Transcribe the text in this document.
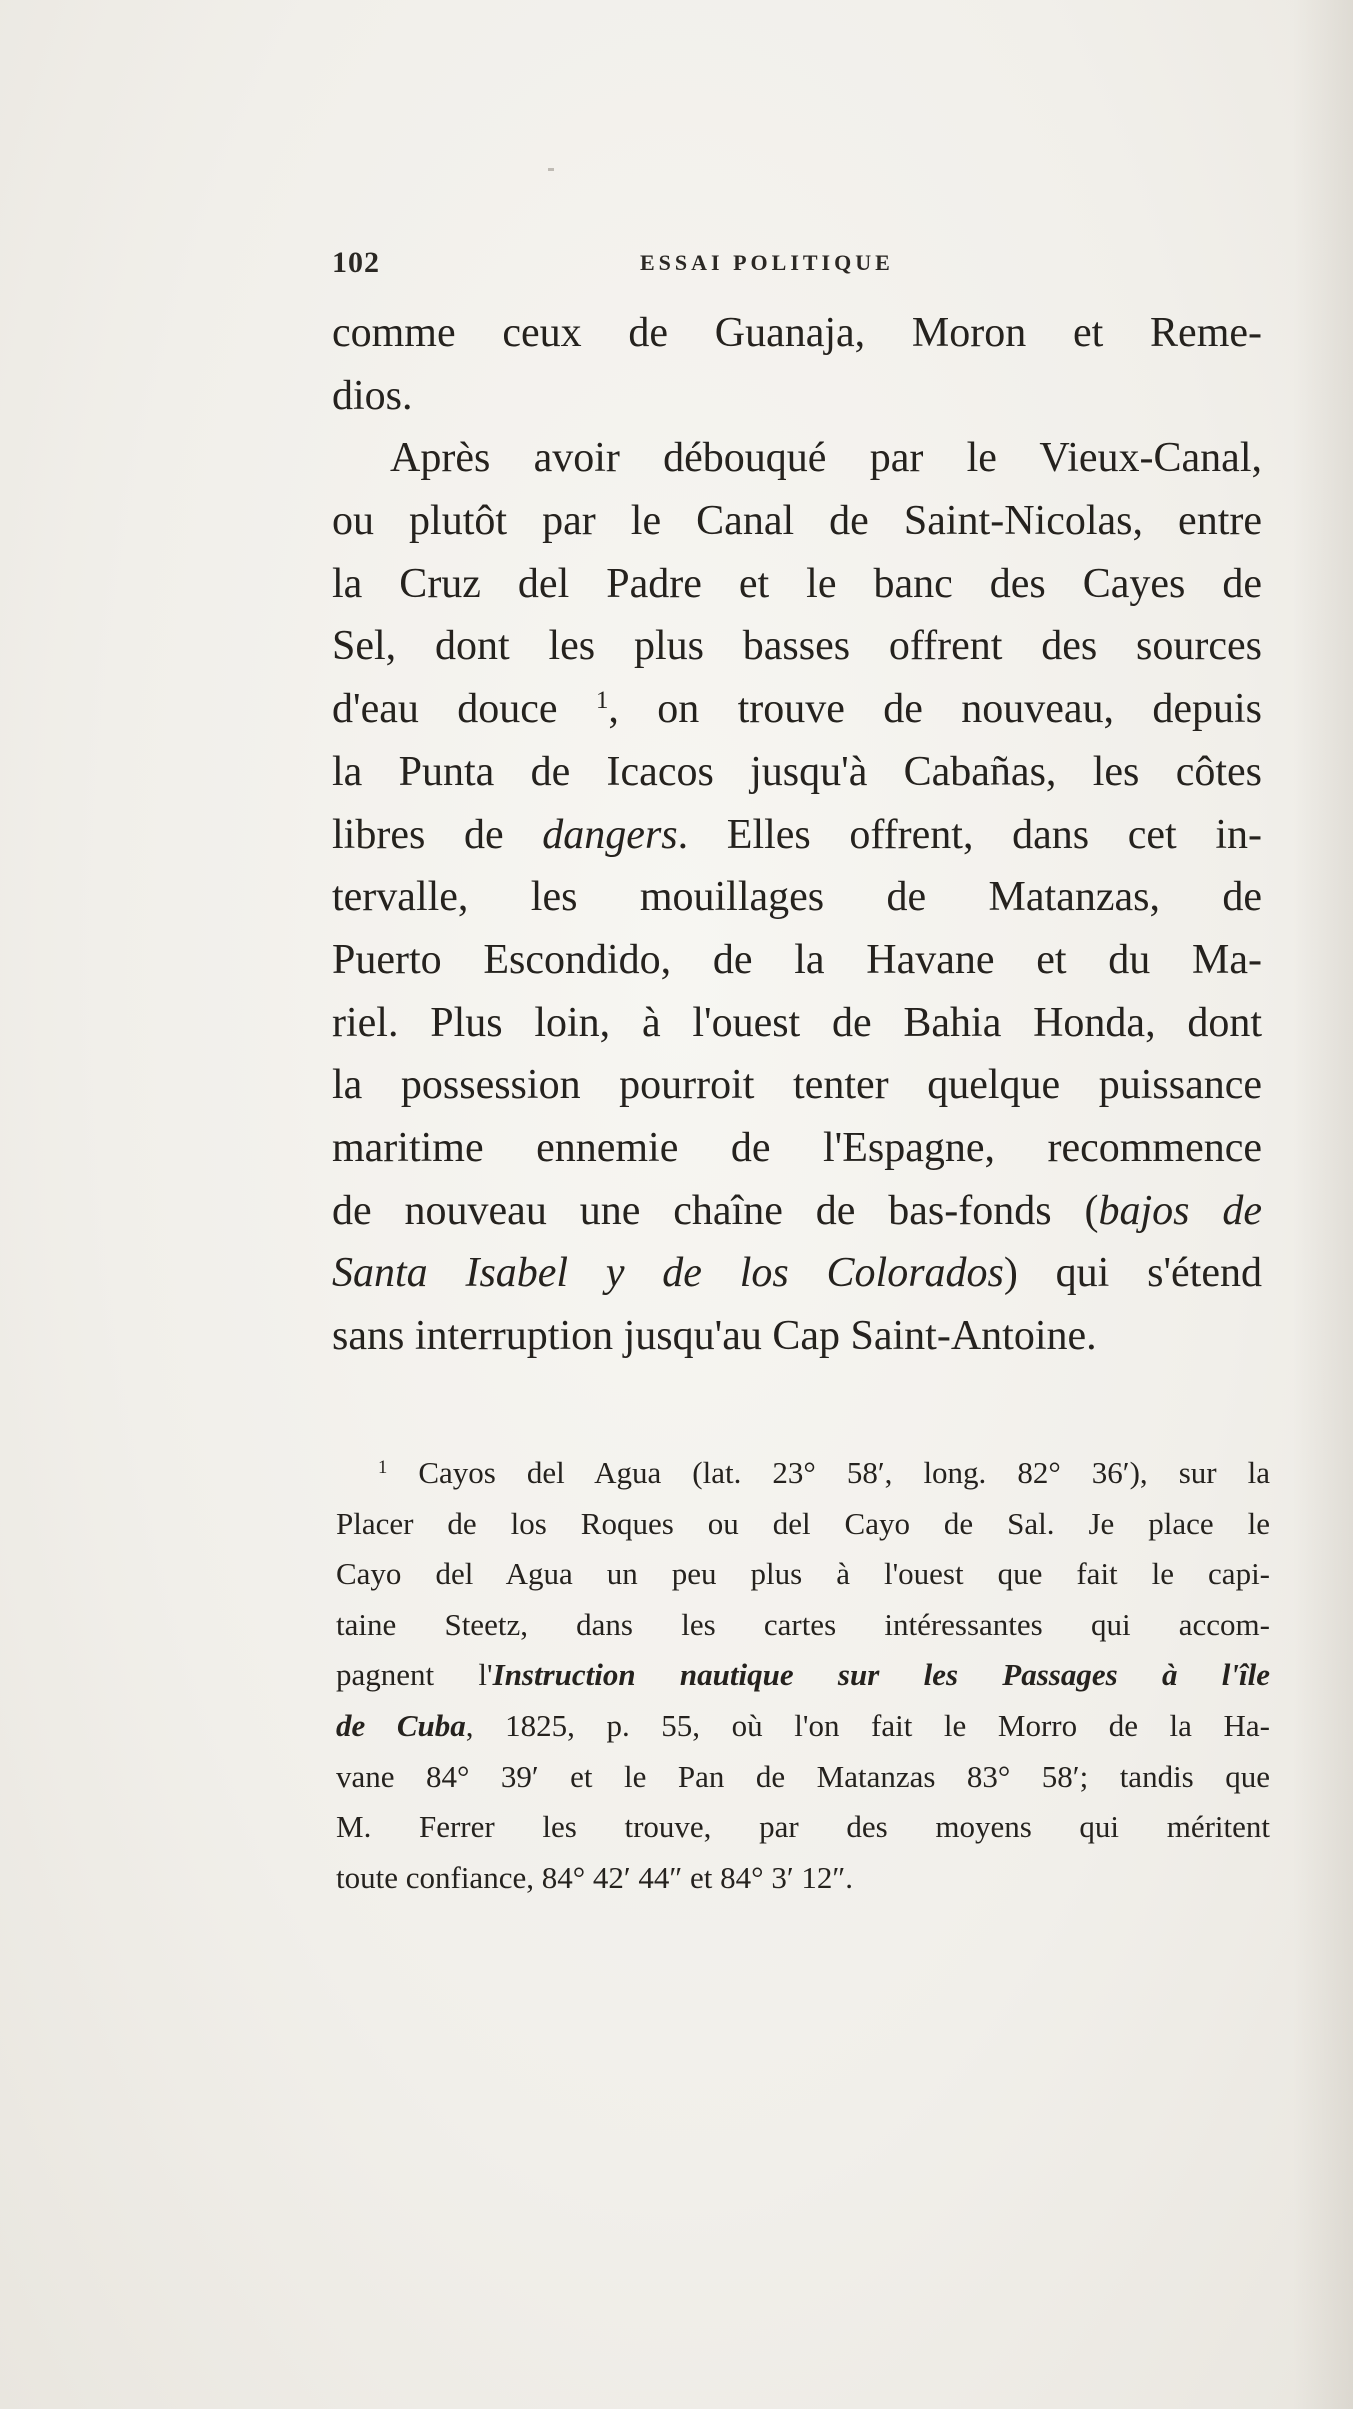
102	ESSAI POLITIQUE
comme ceux de Guanaja, Moron et Reme-
dios.
Après avoir débouqué par le Vieux-Canal,
ou plutôt par le Canal de Saint-Nicolas, entre
la Cruz del Padre et le banc des Cayes de
Sel, dont les plus basses offrent des sources
d'eau douce $^1$, on trouve de nouveau, depuis
la Punta de Icacos jusqu'à Cabañas, les côtes
libres de dangers. Elles offrent, dans cet in-
tervalle, les mouillages de Matanzas, de
Puerto Escondido, de la Havane et du Ma-
riel. Plus loin, à l'ouest de Bahia Honda, dont
la possession pourroit tenter quelque puissance
maritime ennemie de l'Espagne, recommence
de nouveau une chaîne de bas-fonds (bajos de
Santa Isabel y de los Colorados) qui s'étend
sans interruption jusqu'au Cap Saint-Antoine.
$^1$ Cayos del Agua (lat. 23° 58′, long. 82° 36′), sur la
Placer de los Roques ou del Cayo de Sal. Je place le
Cayo del Agua un peu plus à l'ouest que fait le capi-
taine Steetz, dans les cartes intéressantes qui accom-
pagnent l'Instruction nautique sur les Passages à l'île
de Cuba, 1825, p. 55, où l'on fait le Morro de la Ha-
vane 84° 39′ et le Pan de Matanzas 83° 58′; tandis que
M. Ferrer les trouve, par des moyens qui méritent
toute confiance, 84° 42′ 44″ et 84° 3′ 12″.
